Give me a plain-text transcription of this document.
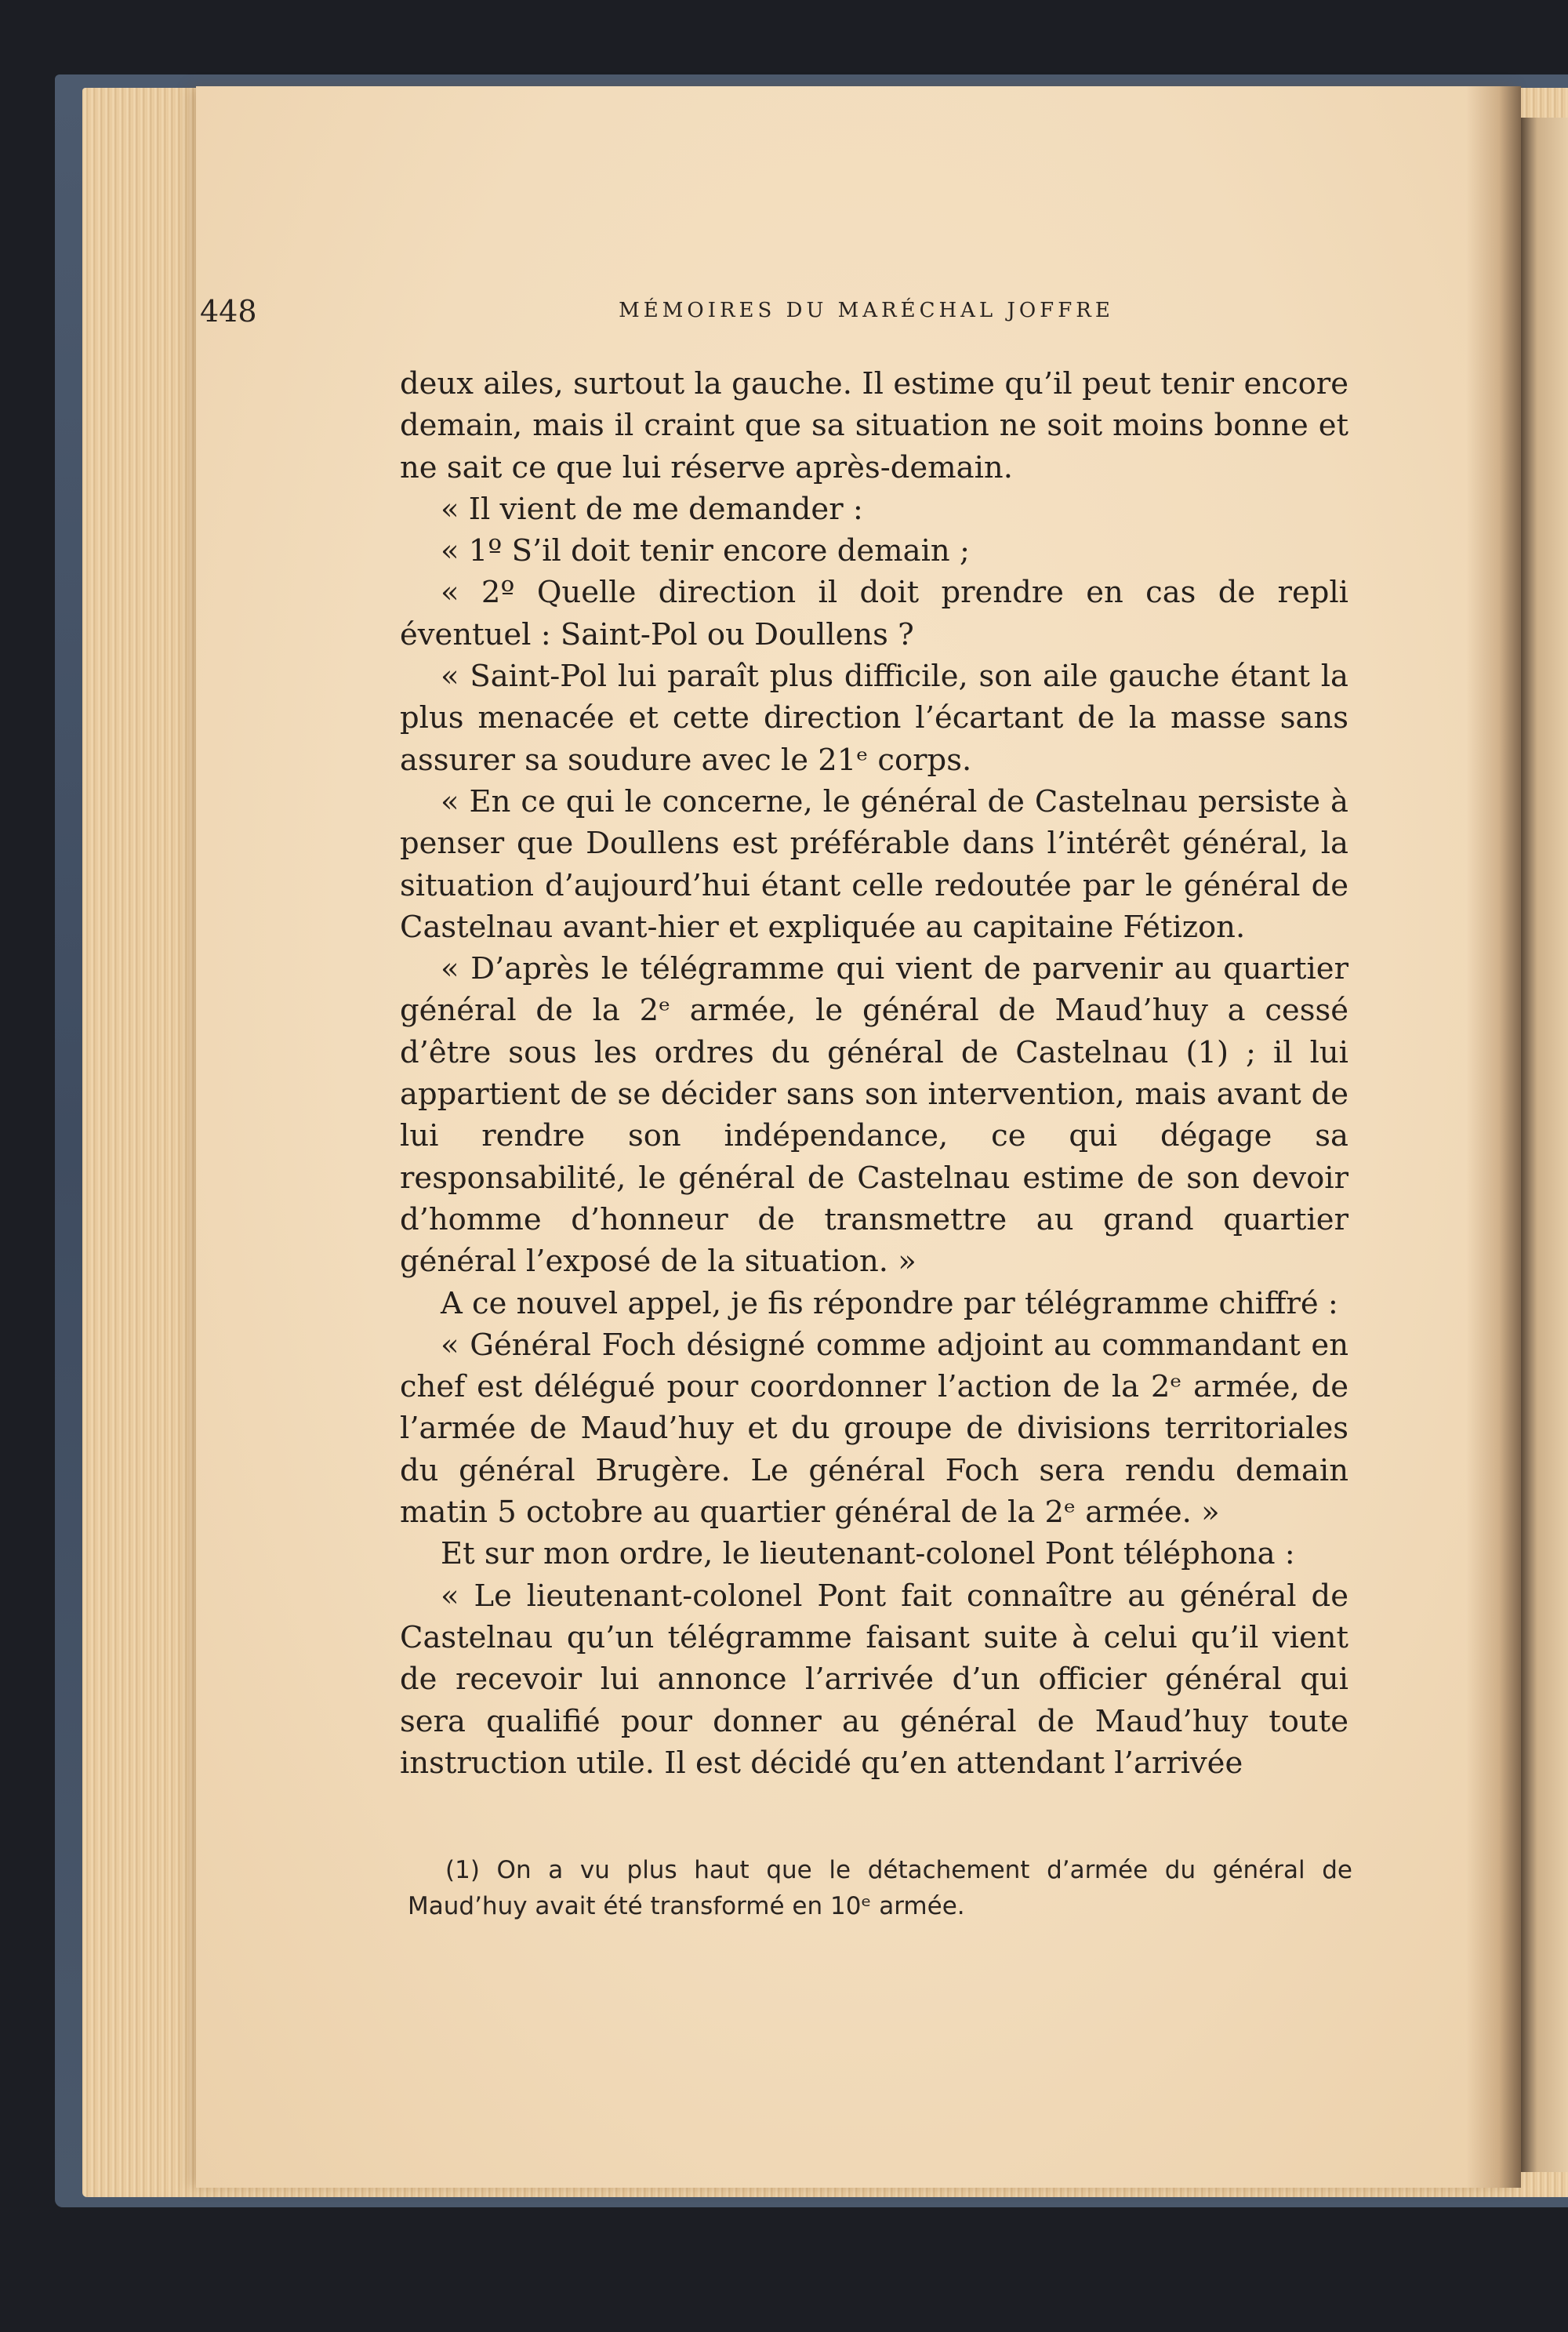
448	MÉMOIRES DU MARÉCHAL JOFFRE

deux ailes, surtout la gauche. Il estime qu’il peut tenir encore demain, mais il craint que sa situation ne soit moins bonne et ne sait ce que lui réserve après-demain.

« Il vient de me demander :

« 1º S’il doit tenir encore demain ;

« 2º Quelle direction il doit prendre en cas de repli éventuel : Saint-Pol ou Doullens ?

« Saint-Pol lui paraît plus difficile, son aile gauche étant la plus menacée et cette direction l’écartant de la masse sans assurer sa soudure avec le 21ᵉ corps.

« En ce qui le concerne, le général de Castelnau persiste à penser que Doullens est préférable dans l’intérêt général, la situation d’aujourd’hui étant celle redoutée par le général de Castelnau avant-hier et expliquée au capitaine Fétizon.

« D’après le télégramme qui vient de parvenir au quartier général de la 2ᵉ armée, le général de Maud’huy a cessé d’être sous les ordres du général de Castelnau (1) ; il lui appartient de se décider sans son intervention, mais avant de lui rendre son indépendance, ce qui dégage sa responsabilité, le général de Castelnau estime de son devoir d’homme d’honneur de transmettre au grand quartier général l’exposé de la situation. »

A ce nouvel appel, je fis répondre par télégramme chiffré :

« Général Foch désigné comme adjoint au commandant en chef est délégué pour coordonner l’action de la 2ᵉ armée, de l’armée de Maud’huy et du groupe de divisions territoriales du général Brugère. Le général Foch sera rendu demain matin 5 octobre au quartier général de la 2ᵉ armée. »

Et sur mon ordre, le lieutenant-colonel Pont téléphona :

« Le lieutenant-colonel Pont fait connaître au général de Castelnau qu’un télégramme faisant suite à celui qu’il vient de recevoir lui annonce l’arrivée d’un officier général qui sera qualifié pour donner au général de Maud’huy toute instruction utile. Il est décidé qu’en attendant l’arrivée

(1) On a vu plus haut que le détachement d’armée du général de Maud’huy avait été transformé en 10ᵉ armée.
